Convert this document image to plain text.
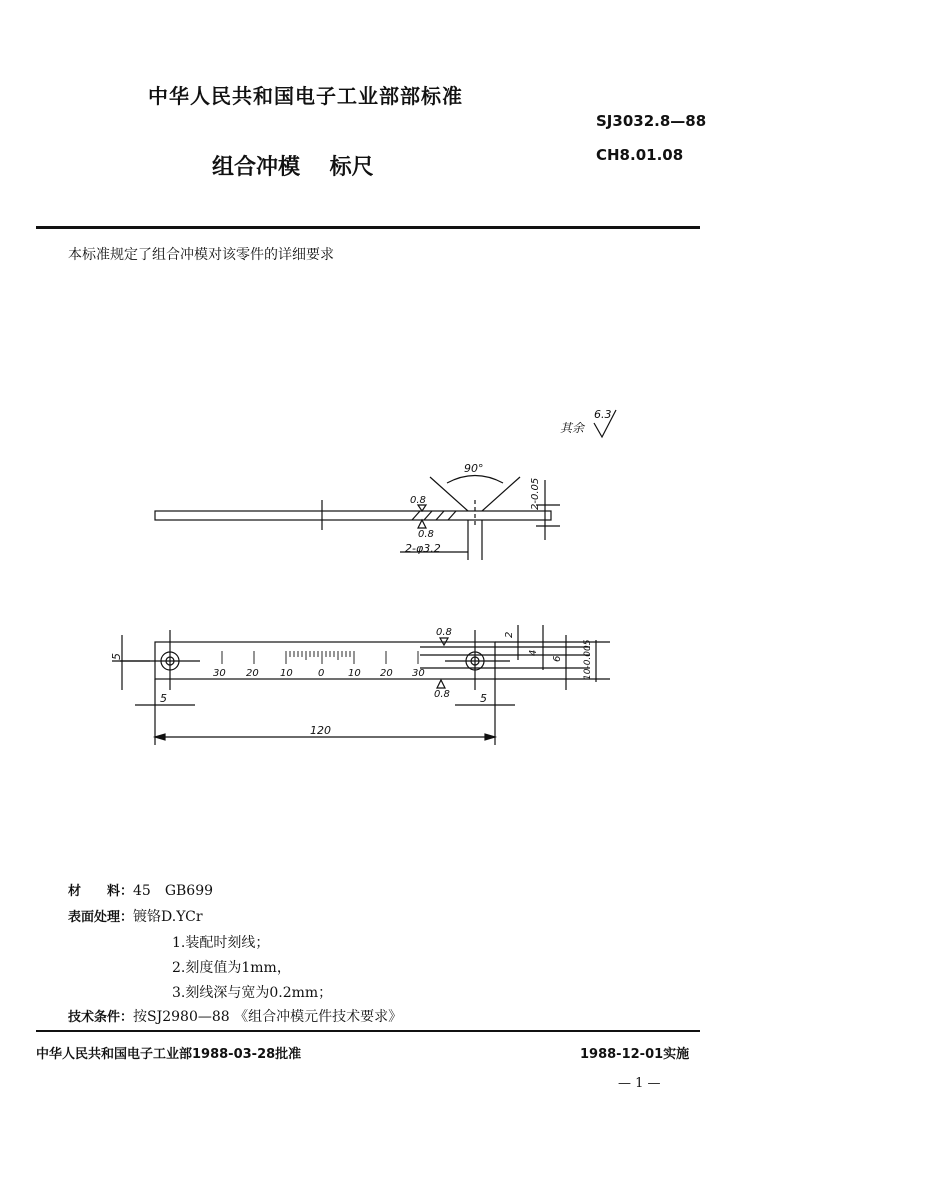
中华人民共和国电子工业部部标准
SJ3032.8—88
CH8.01.08
组合冲模 标尺
本标准规定了组合冲模对该零件的详细要求
其余
6.3
90°
2-0.05
0.8
0.8
2-φ3.2
5
5	5
2
4
6 10-0.005
120
0.8
0.8
30 20 10	0 10 20 30
材　　料：45　GB699
表面处理：镀铬D.YCr
1.装配时刻线；
2.刻度值为1mm，
3.刻线深与宽为0.2mm；
技术条件：按SJ2980—88 《组合冲模元件技术要求》
中华人民共和国电子工业部1988-03-28批准	1988-12-01实施
— 1 —
